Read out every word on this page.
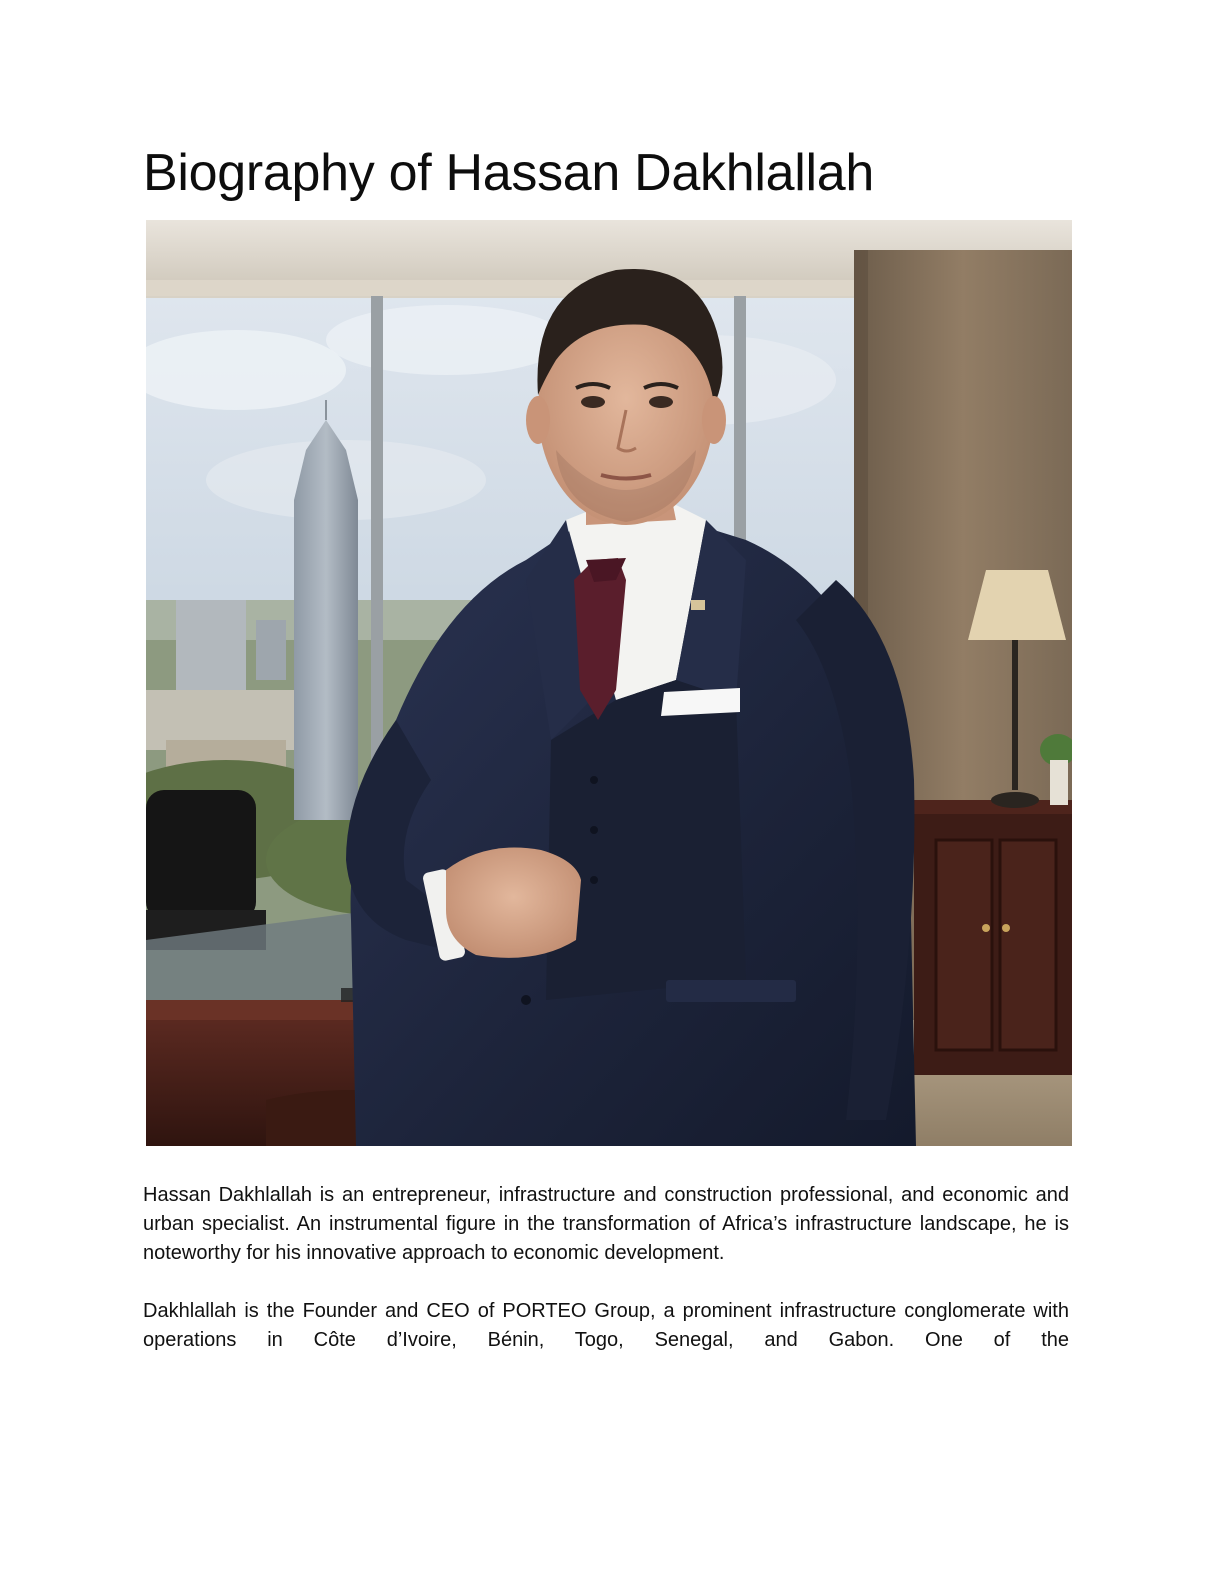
Biography of Hassan Dakhlallah

Hassan Dakhlallah is an entrepreneur, infrastructure and construction professional, and economic and urban specialist. An instrumental figure in the transformation of Africa’s infrastructure landscape, he is noteworthy for his innovative approach to economic development.

Dakhlallah is the Founder and CEO of PORTEO Group, a prominent infrastructure conglomerate with operations in Côte d’Ivoire, Bénin, Togo, Senegal, and Gabon. One of the
